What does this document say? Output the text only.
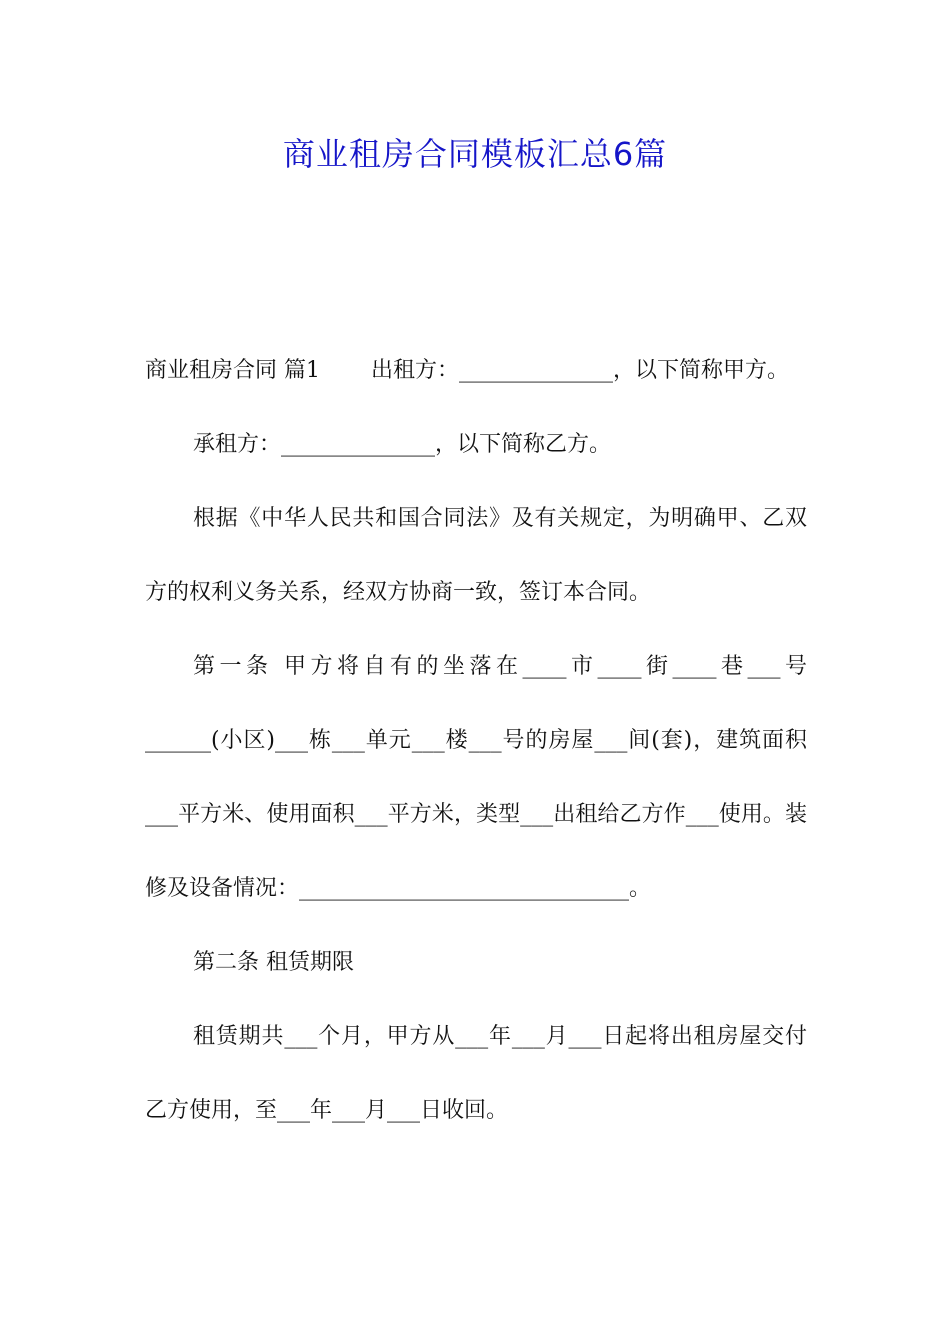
商业租房合同模板汇总6篇

商业租房合同 篇1 　　出租方：______________，以下简称甲方。

承租方：______________，以下简称乙方。

根据《中华人民共和国合同法》及有关规定，为明确甲、乙双方的权利义务关系，经双方协商一致，签订本合同。

第一条 甲方将自有的坐落在____市____街____巷___号______(小区)___栋___单元___楼___号的房屋___间(套)，建筑面积___平方米、使用面积___平方米，类型___出租给乙方作___使用。装修及设备情况：______________________________。

第二条 租赁期限

租赁期共___个月，甲方从___年___月___日起将出租房屋交付乙方使用，至___年___月___日收回。
